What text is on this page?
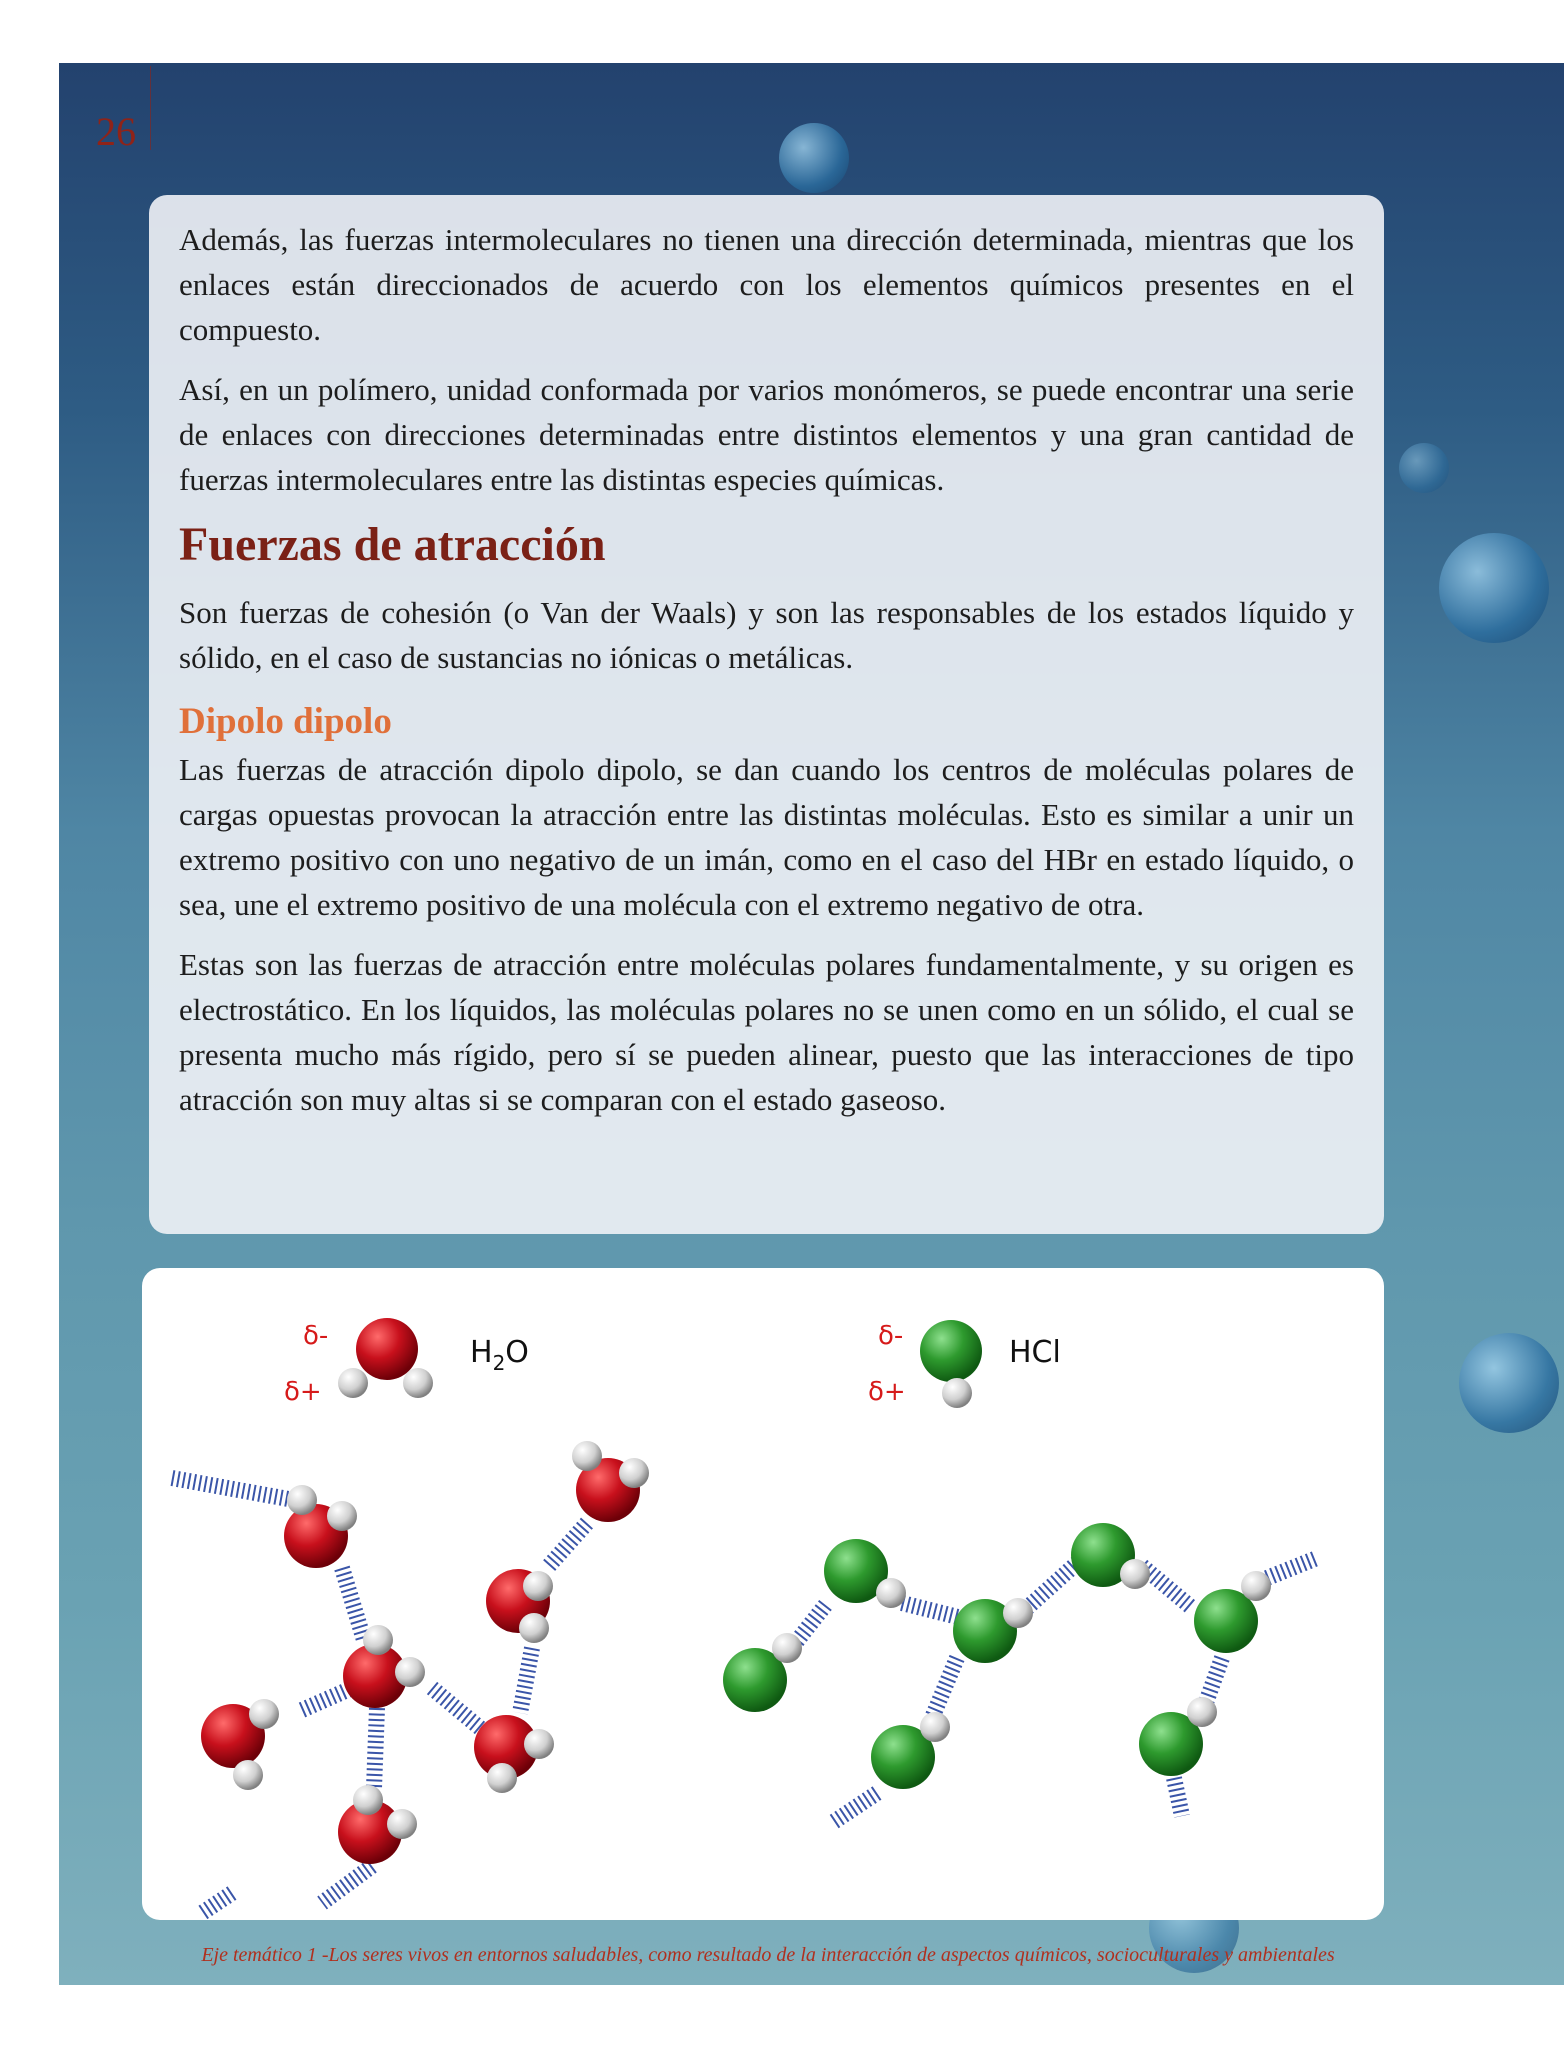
26

Además, las fuerzas intermoleculares no tienen una dirección determinada, mientras que los enlaces están direccionados de acuerdo con los elementos químicos presentes en el compuesto.

Así, en un polímero, unidad conformada por varios monómeros, se puede encontrar una serie de enlaces con direcciones determinadas entre distintos elementos y una gran cantidad de fuerzas intermoleculares entre las distintas especies químicas.

Fuerzas de atracción

Son fuerzas de cohesión (o Van der Waals) y son las responsables de los estados líquido y sólido, en el caso de sustancias no iónicas o metálicas.

Dipolo dipolo

Las fuerzas de atracción dipolo dipolo, se dan cuando los centros de moléculas polares de cargas opuestas provocan la atracción entre las distintas moléculas. Esto es similar a unir un extremo positivo con uno negativo de un imán, como en el caso del HBr en estado líquido, o sea, une el extremo positivo de una molécula con el extremo negativo de otra.

Estas son las fuerzas de atracción entre moléculas polares fundamentalmente, y su origen es electrostático. En los líquidos, las moléculas polares no se unen como en un sólido, el cual se presenta mucho más rígido, pero sí se pueden alinear, puesto que las interacciones de tipo atracción son muy altas si se comparan con el estado gaseoso.

δ-
δ+
$H_2O$	δ-
δ+
HCl
Eje temático 1 -Los seres vivos en entornos saludables, como resultado de la interacción de aspectos químicos, socioculturales y ambientales
